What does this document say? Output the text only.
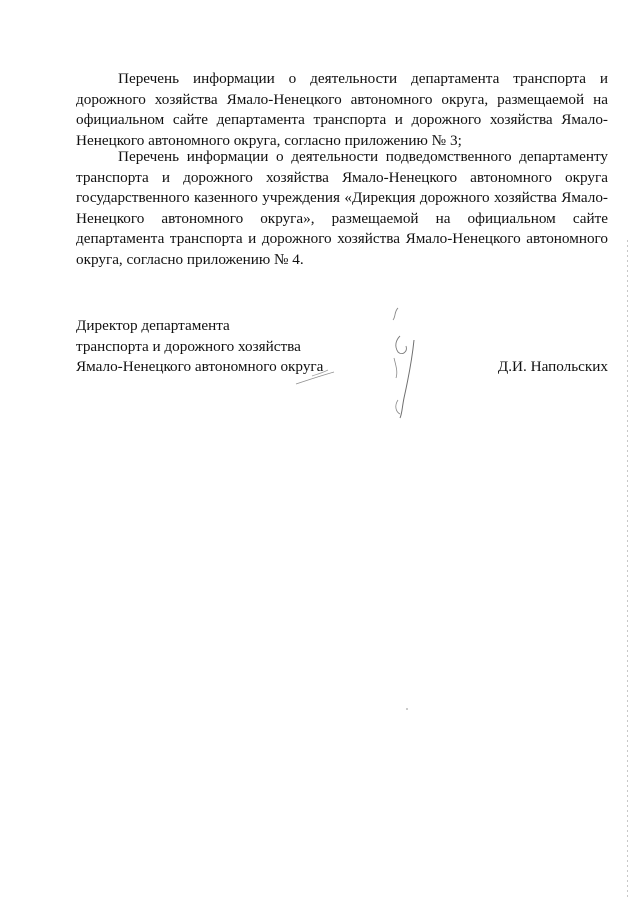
Перечень информации о деятельности департамента транспорта и дорожного хозяйства Ямало-Ненецкого автономного округа, размещаемой на официальном сайте департамента транспорта и дорожного хозяйства Ямало-Ненецкого автономного округа, согласно приложению № 3;

Перечень информации о деятельности подведомственного департаменту транспорта и дорожного хозяйства Ямало-Ненецкого автономного округа государственного казенного учреждения «Дирекция дорожного хозяйства Ямало-Ненецкого автономного округа», размещаемой на официальном сайте департамента транспорта и дорожного хозяйства Ямало-Ненецкого автономного округа, согласно приложению № 4.

Директор департамента
транспорта и дорожного хозяйства
Ямало-Ненецкого автономного округа	Д.И. Напольских
